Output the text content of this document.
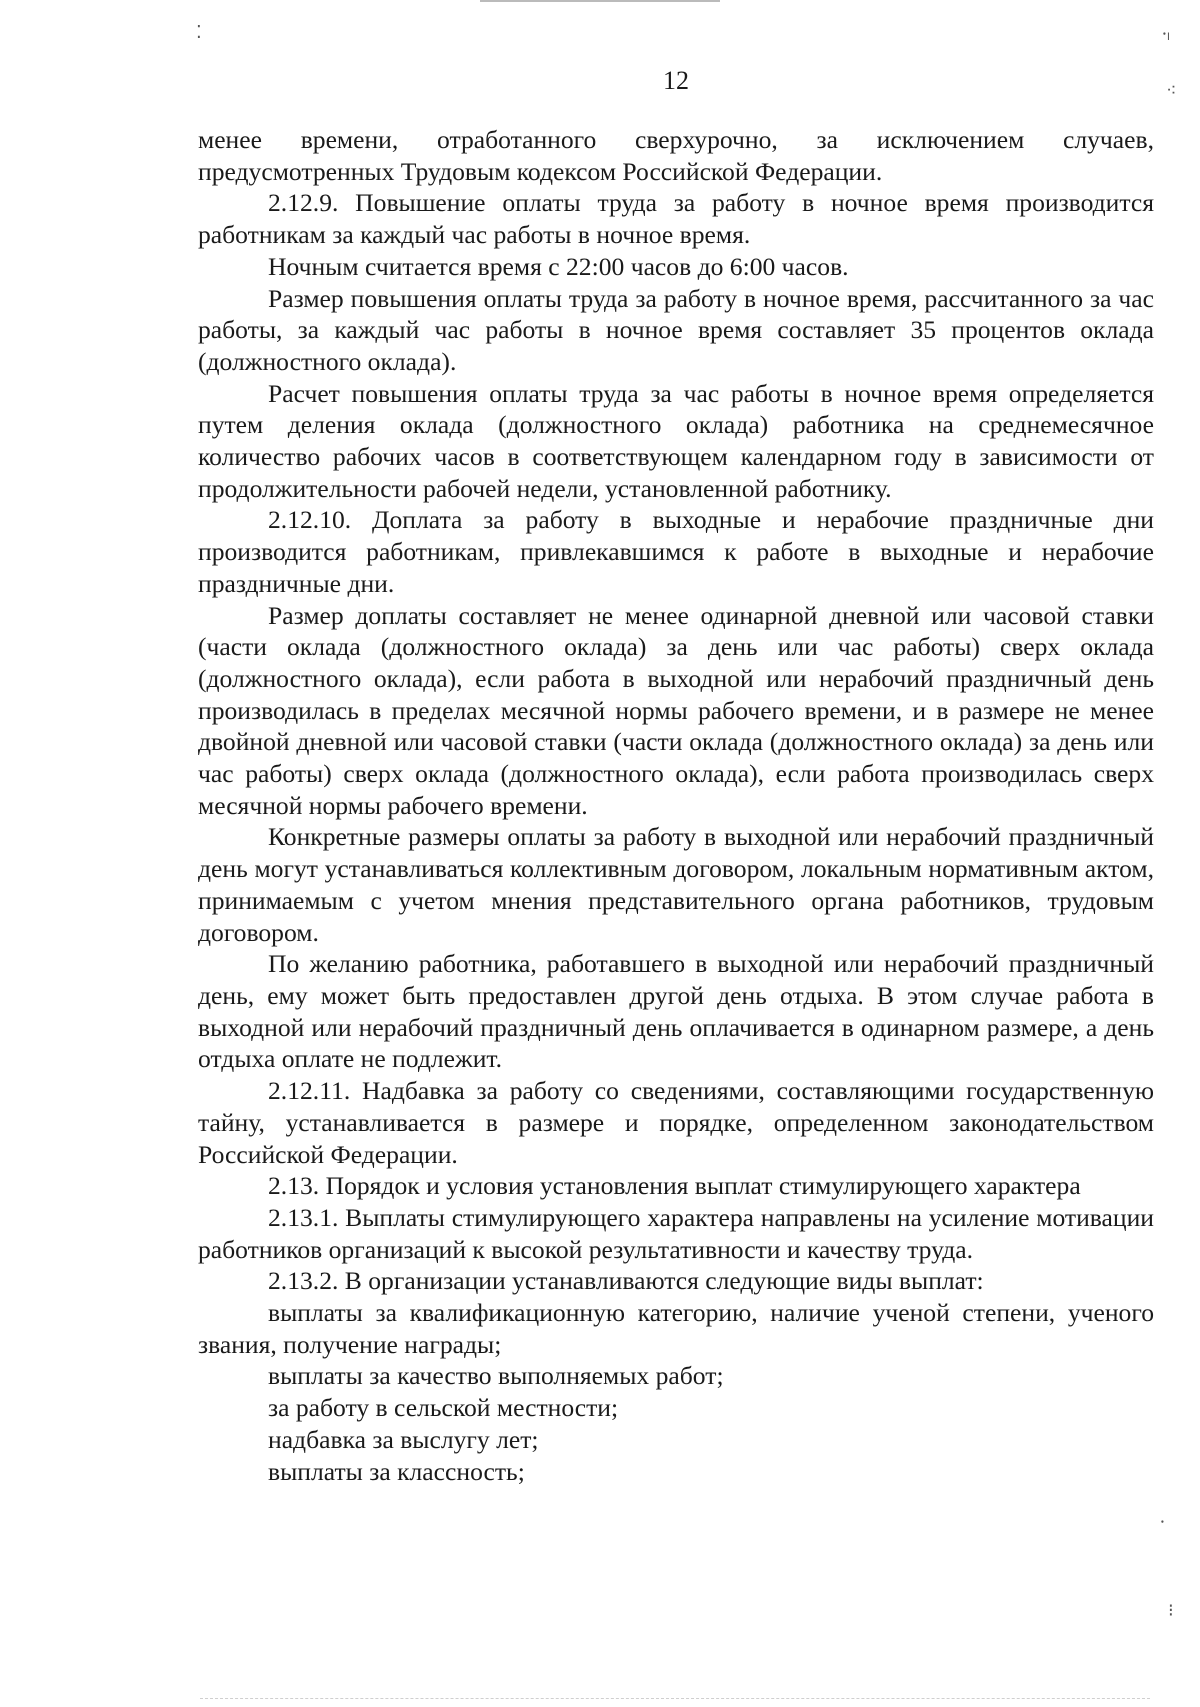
12

менее времени, отработанного сверхурочно, за исключением случаев, предусмотренных Трудовым кодексом Российской Федерации.

2.12.9. Повышение оплаты труда за работу в ночное время производится работникам за каждый час работы в ночное время.

Ночным считается время с 22:00 часов до 6:00 часов.

Размер повышения оплаты труда за работу в ночное время, рассчитанного за час работы, за каждый час работы в ночное время составляет 35 процентов оклада (должностного оклада).

Расчет повышения оплаты труда за час работы в ночное время определяется путем деления оклада (должностного оклада) работника на среднемесячное количество рабочих часов в соответствующем календарном году в зависимости от продолжительности рабочей недели, установленной работнику.

2.12.10. Доплата за работу в выходные и нерабочие праздничные дни производится работникам, привлекавшимся к работе в выходные и нерабочие праздничные дни.

Размер доплаты составляет не менее одинарной дневной или часовой ставки (части оклада (должностного оклада) за день или час работы) сверх оклада (должностного оклада), если работа в выходной или нерабочий праздничный день производилась в пределах месячной нормы рабочего времени, и в размере не менее двойной дневной или часовой ставки (части оклада (должностного оклада) за день или час работы) сверх оклада (должностного оклада), если работа производилась сверх месячной нормы рабочего времени.

Конкретные размеры оплаты за работу в выходной или нерабочий праздничный день могут устанавливаться коллективным договором, локальным нормативным актом, принимаемым с учетом мнения представительного органа работников, трудовым договором.

По желанию работника, работавшего в выходной или нерабочий праздничный день, ему может быть предоставлен другой день отдыха. В этом случае работа в выходной или нерабочий праздничный день оплачивается в одинарном размере, а день отдыха оплате не подлежит.

2.12.11. Надбавка за работу со сведениями, составляющими государственную тайну, устанавливается в размере и порядке, определенном законодательством Российской Федерации.

2.13. Порядок и условия установления выплат стимулирующего характера

2.13.1. Выплаты стимулирующего характера направлены на усиление мотивации работников организаций к высокой результативности и качеству труда.

2.13.2. В организации устанавливаются следующие виды выплат:

выплаты за квалификационную категорию, наличие ученой степени, ученого звания, получение награды;

выплаты за качество выполняемых работ;

за работу в сельской местности;

надбавка за выслугу лет;

выплаты за классность;

⸱ₗ
⁚
⁖
⸱
⁝
